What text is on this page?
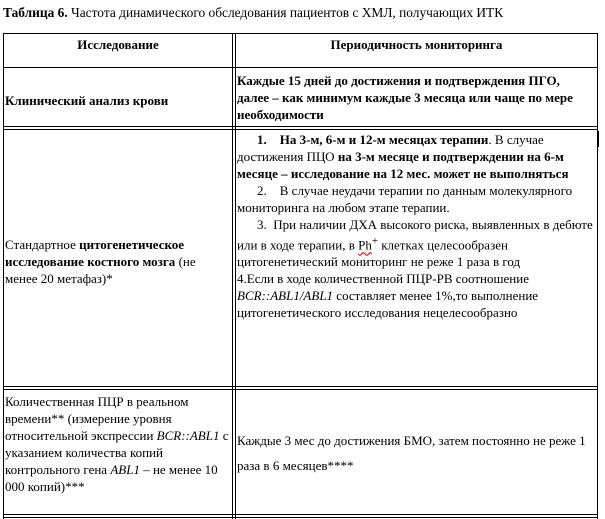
Таблица 6. Частота динамического обследования пациентов с ХМЛ, получающих ИТК
Исследование	Периодичность мониторинга
Клинический анализ крови
Каждые 15 дней до достижения и подтверждения ПГО, далее – как минимум каждые 3 месяца или чаще по мере необходимости
Стандартное цитогенетическое исследование костного мозга (не менее 20 метафаз)*

1. На 3-м, 6-м и 12-м месяцах терапии. В случае достижения ПЦО на 3-м месяце и подтверждении на 6-м месяце – исследование на 12 мес. может не выполняться

2. В случае неудачи терапии по данным молекулярного мониторинга на любом этапе терапии.

3. При наличии ДХА высокого риска, выявленных в дебюте или в ходе терапии, в Ph+ клетках целесообразен цитогенетический мониторинг не реже 1 раза в год

4.Если в ходе количественной ПЦР-РВ соотношение BCR::ABL1/ABL1 составляет менее 1%,то выполнение цитогенетического исследования нецелесообразно

Количественная ПЦР в реальном времени** (измерение уровня относительной экспрессии BCR::ABL1 с указанием количества копий контрольного гена ABL1 – не менее 10 000 копий)***
Каждые 3 мес до достижения БМО, затем постоянно не реже 1 раза в 6 месяцев****
